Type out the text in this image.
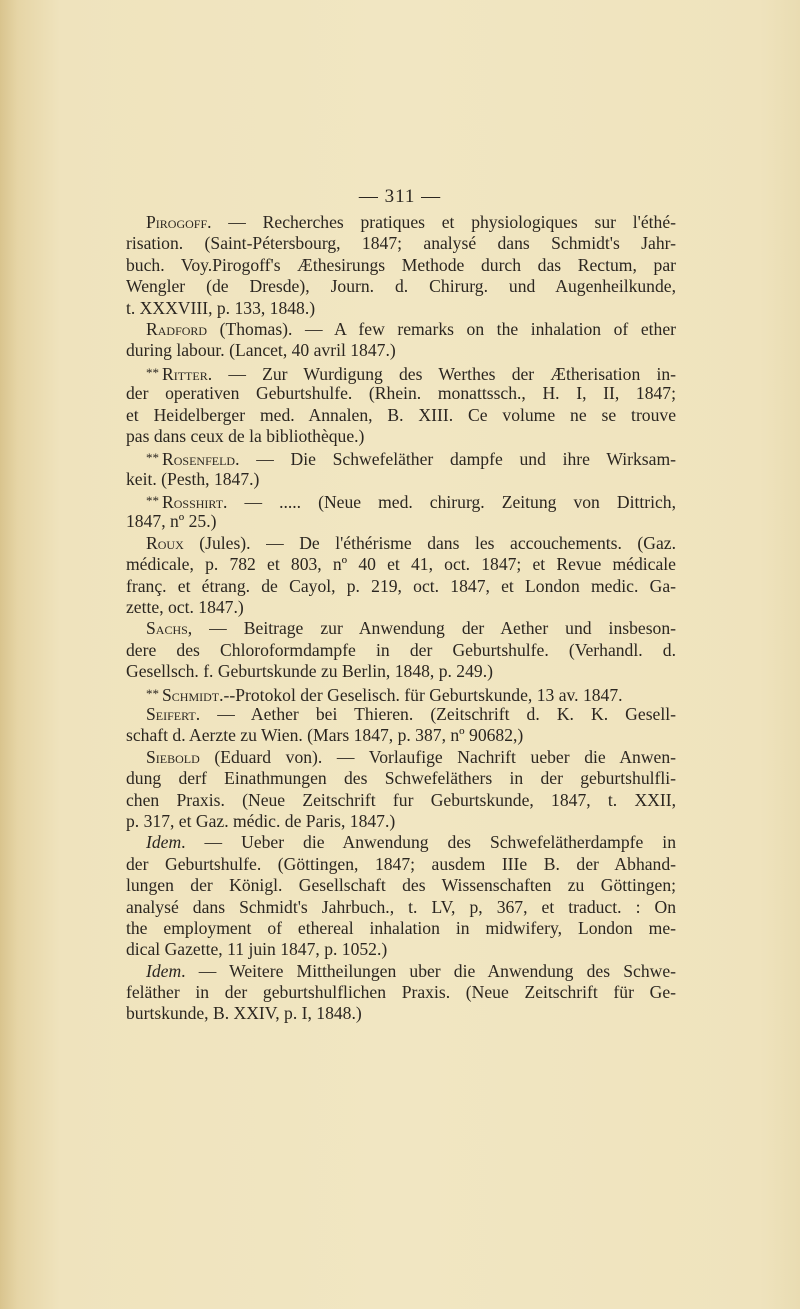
— 311 —
Pirogoff. — Recherches pratiques et physiologiques sur l'éthé-
risation. (Saint-Pétersbourg, 1847; analysé dans Schmidt's Jahr-
buch. Voy.Pirogoff's Æthesirungs Methode durch das Rectum, par
Wengler (de Dresde), Journ. d. Chirurg. und Augenheilkunde,
t. XXXVIII, p. 133, 1848.)
Radford (Thomas). — A few remarks on the inhalation of ether
during labour. (Lancet, 40 avril 1847.)
** Ritter. — Zur Wurdigung des Werthes der Ætherisation in-
der operativen Geburtshulfe. (Rhein. monattssch., H. I, II, 1847;
et Heidelberger med. Annalen, B. XIII. Ce volume ne se trouve
pas dans ceux de la bibliothèque.)
** Rosenfeld. — Die Schwefeläther dampfe und ihre Wirksam-
keit. (Pesth, 1847.)
** Rosshirt. — ..... (Neue med. chirurg. Zeitung von Dittrich,
1847, nº 25.)
Roux (Jules). — De l'éthérisme dans les accouchements. (Gaz.
médicale, p. 782 et 803, nº 40 et 41, oct. 1847; et Revue médicale
franç. et étrang. de Cayol, p. 219, oct. 1847, et London medic. Ga-
zette, oct. 1847.)
Sachs, — Beitrage zur Anwendung der Aether und insbeson-
dere des Chloroformdampfe in der Geburtshulfe. (Verhandl. d.
Gesellsch. f. Geburtskunde zu Berlin, 1848, p. 249.)
** Schmidt.--Protokol der Geselisch. für Geburtskunde, 13 av. 1847.
Seifert. — Aether bei Thieren. (Zeitschrift d. K. K. Gesell-
schaft d. Aerzte zu Wien. (Mars 1847, p. 387, nº 90682,)
Siebold (Eduard von). — Vorlaufige Nachrift ueber die Anwen-
dung derf Einathmungen des Schwefeläthers in der geburtshulfli-
chen Praxis. (Neue Zeitschrift fur Geburtskunde, 1847, t. XXII,
p. 317, et Gaz. médic. de Paris, 1847.)
Idem. — Ueber die Anwendung des Schwefelätherdampfe in
der Geburtshulfe. (Göttingen, 1847; ausdem IIIe B. der Abhand-
lungen der Königl. Gesellschaft des Wissenschaften zu Göttingen;
analysé dans Schmidt's Jahrbuch., t. LV, p, 367, et traduct. : On
the employment of ethereal inhalation in midwifery, London me-
dical Gazette, 11 juin 1847, p. 1052.)
Idem. — Weitere Mittheilungen uber die Anwendung des Schwe-
feläther in der geburtshulflichen Praxis. (Neue Zeitschrift für Ge-
burtskunde, B. XXIV, p. I, 1848.)
